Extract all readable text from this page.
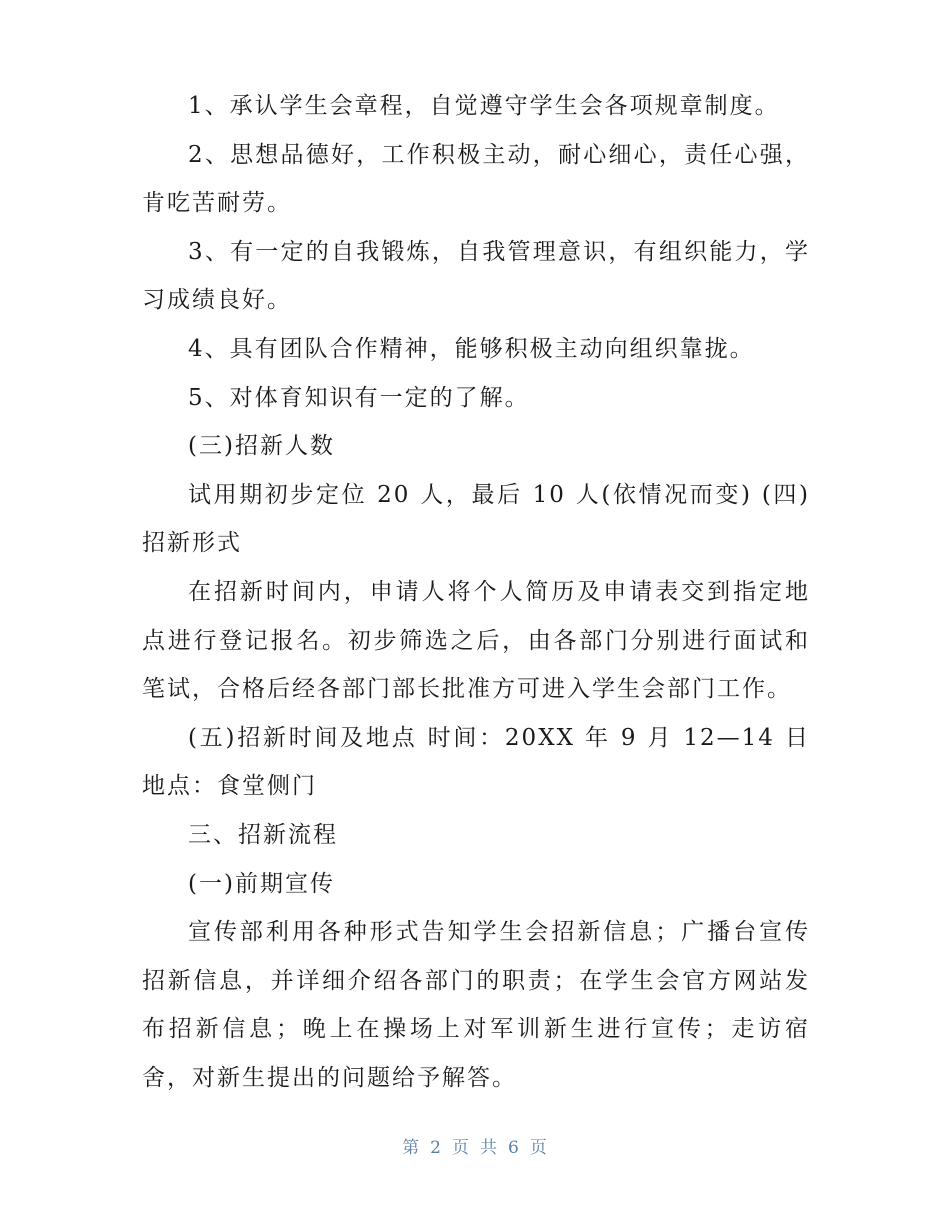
1、承认学生会章程，自觉遵守学生会各项规章制度。

2、思想品德好，工作积极主动，耐心细心，责任心强，肯吃苦耐劳。

3、有一定的自我锻炼，自我管理意识，有组织能力，学习成绩良好。

4、具有团队合作精神，能够积极主动向组织靠拢。

5、对体育知识有一定的了解。

(三)招新人数

试用期初步定位 20 人，最后 10 人(依情况而变) (四)招新形式

在招新时间内，申请人将个人简历及申请表交到指定地点进行登记报名。初步筛选之后，由各部门分别进行面试和笔试，合格后经各部门部长批准方可进入学生会部门工作。

(五)招新时间及地点 时间：20XX 年 9 月 12—14 日 地点：食堂侧门

三、招新流程

(一)前期宣传

宣传部利用各种形式告知学生会招新信息；广播台宣传招新信息，并详细介绍各部门的职责；在学生会官方网站发布招新信息；晚上在操场上对军训新生进行宣传；走访宿舍，对新生提出的问题给予解答。

第 2 页 共 6 页
